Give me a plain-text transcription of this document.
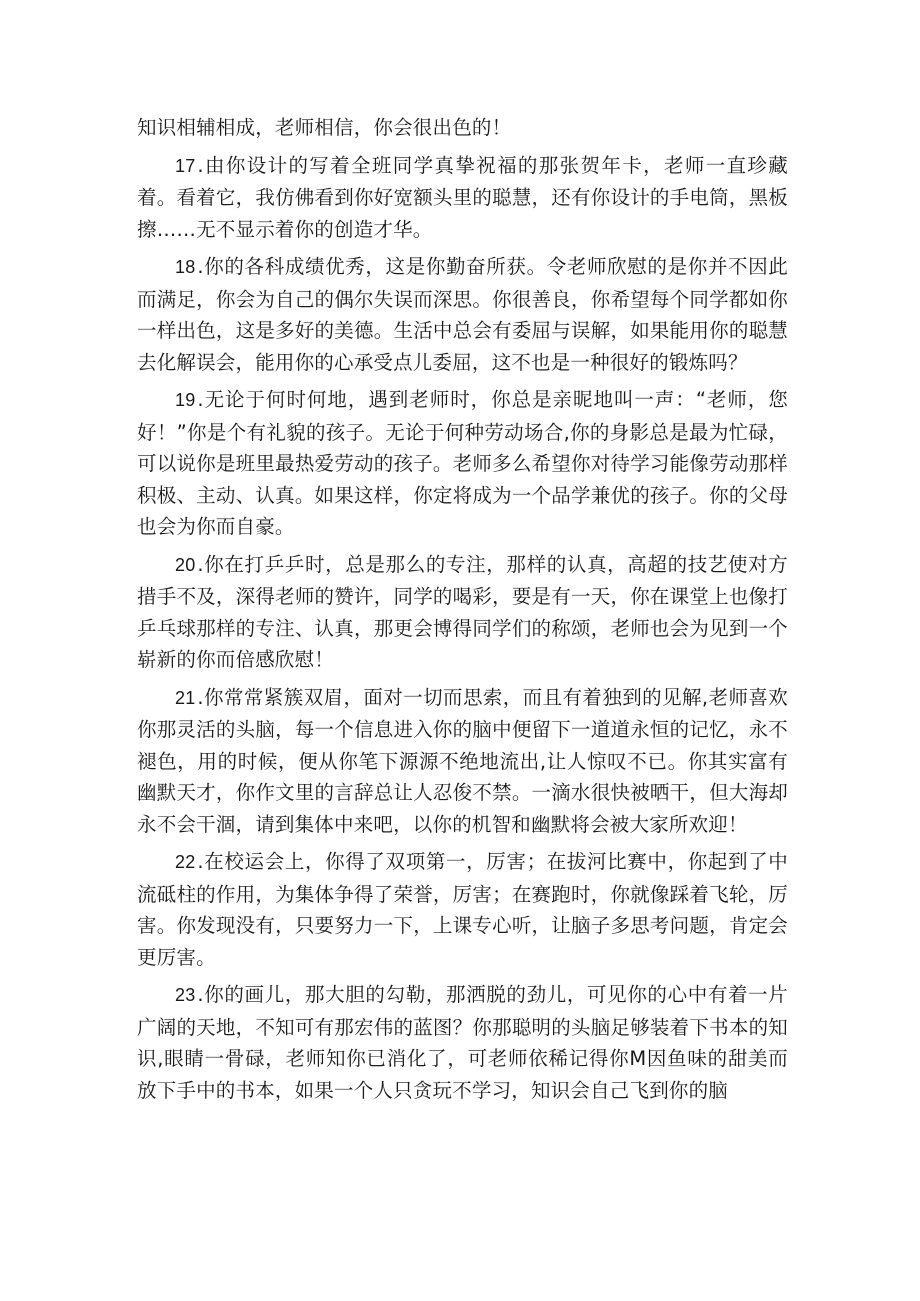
知识相辅相成，老师相信，你会很出色的！

17 .由你设计的写着全班同学真挚祝福的那张贺年卡，老师一直珍藏着。看着它，我仿佛看到你好宽额头里的聪慧，还有你设计的手电筒，黑板擦……无不显示着你的创造才华。

18 .你的各科成绩优秀，这是你勤奋所获。令老师欣慰的是你并不因此而满足，你会为自己的偶尔失误而深思。你很善良，你希望每个同学都如你一样出色，这是多好的美德。生活中总会有委屈与误解，如果能用你的聪慧去化解误会，能用你的心承受点儿委屈，这不也是一种很好的锻炼吗？

19 .无论于何时何地，遇到老师时，你总是亲昵地叫一声：“老师，您好！”你是个有礼貌的孩子。无论于何种劳动场合,你的身影总是最为忙碌，可以说你是班里最热爱劳动的孩子。老师多么希望你对待学习能像劳动那样积极、主动、认真。如果这样，你定将成为一个品学兼优的孩子。你的父母也会为你而自豪。

20 .你在打乒乒时，总是那么的专注，那样的认真，高超的技艺使对方措手不及，深得老师的赞许，同学的喝彩，要是有一天，你在课堂上也像打乒乓球那样的专注、认真，那更会博得同学们的称颂，老师也会为见到一个崭新的你而倍感欣慰！

21 .你常常紧簇双眉，面对一切而思索，而且有着独到的见解,老师喜欢你那灵活的头脑，每一个信息进入你的脑中便留下一道道永恒的记忆，永不褪色，用的时候，便从你笔下源源不绝地流出,让人惊叹不已。你其实富有幽默天才，你作文里的言辞总让人忍俊不禁。一滴水很快被晒干，但大海却永不会干涸，请到集体中来吧，以你的机智和幽默将会被大家所欢迎！

22 .在校运会上，你得了双项第一，厉害；在拔河比赛中，你起到了中流砥柱的作用，为集体争得了荣誉，厉害；在赛跑时，你就像踩着飞轮，厉害。你发现没有，只要努力一下，上课专心听，让脑子多思考问题，肯定会更厉害。

23 .你的画儿，那大胆的勾勒，那洒脱的劲儿，可见你的心中有着一片广阔的天地，不知可有那宏伟的蓝图？你那聪明的头脑足够装着下书本的知识,眼睛一骨碌，老师知你已消化了，可老师依稀记得你M因鱼味的甜美而放下手中的书本，如果一个人只贪玩不学习，知识会自己飞到你的脑
